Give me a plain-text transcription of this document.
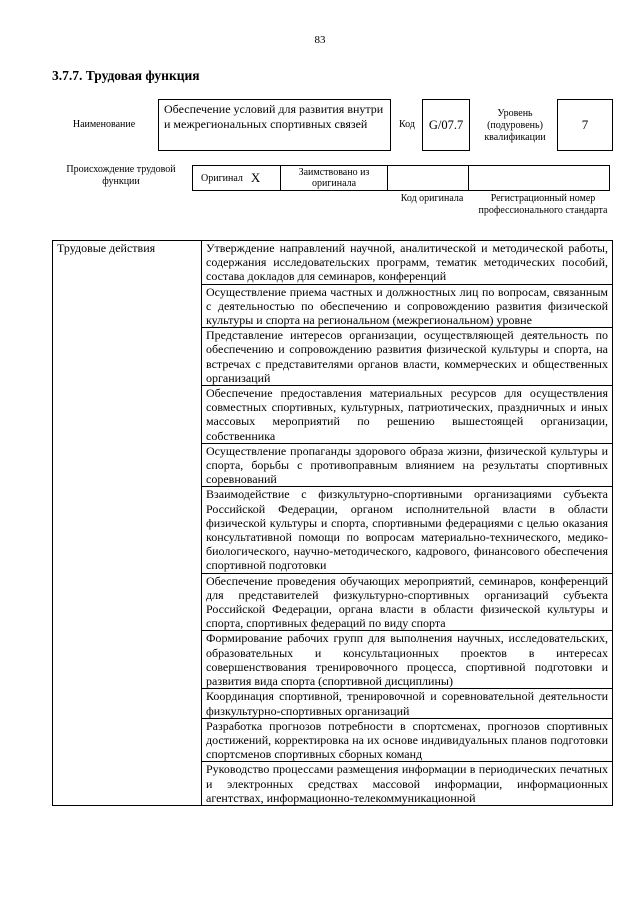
83
3.7.7. Трудовая функция
Наименование
Обеспечение условий для развития внутри и межрегиональных спортивных связей	Код	G/07.7
Уровень (подуровень) квалификации
7
Происхождение трудовой функции	Оригинал X	Заимствовано из оригинала
Код оригинала	Регистрационный номер профессионального стандарта
Трудовые действия	Утверждение направлений научной, аналитической и методической работы, содержания исследовательских программ, тематик методических пособий, состава докладов для семинаров, конференций
Осуществление приема частных и должностных лиц по вопросам, связанным с деятельностью по обеспечению и сопровождению развития физической культуры и спорта на региональном (межрегиональном) уровне
Представление интересов организации, осуществляющей деятельность по обеспечению и сопровождению развития физической культуры и спорта, на встречах с представителями органов власти, коммерческих и общественных организаций
Обеспечение предоставления материальных ресурсов для осуществления совместных спортивных, культурных, патриотических, праздничных и иных массовых мероприятий по решению вышестоящей организации, собственника
Осуществление пропаганды здорового образа жизни, физической культуры и спорта, борьбы с противоправным влиянием на результаты спортивных соревнований
Взаимодействие с физкультурно-спортивными организациями субъекта Российской Федерации, органом исполнительной власти в области физической культуры и спорта, спортивными федерациями с целью оказания консультативной помощи по вопросам материально-технического, медико-биологического, научно-методического, кадрового, финансового обеспечения спортивной подготовки
Обеспечение проведения обучающих мероприятий, семинаров, конференций для представителей физкультурно-спортивных организаций субъекта Российской Федерации, органа власти в области физической культуры и спорта, спортивных федераций по виду спорта
Формирование рабочих групп для выполнения научных, исследовательских, образовательных и консультационных проектов в интересах совершенствования тренировочного процесса, спортивной подготовки и развития вида спорта (спортивной дисциплины)
Координация спортивной, тренировочной и соревновательной деятельности физкультурно-спортивных организаций
Разработка прогнозов потребности в спортсменах, прогнозов спортивных достижений, корректировка на их основе индивидуальных планов подготовки спортсменов спортивных сборных команд
Руководство процессами размещения информации в периодических печатных и электронных средствах массовой информации, информационных агентствах, информационно-телекоммуникационной
